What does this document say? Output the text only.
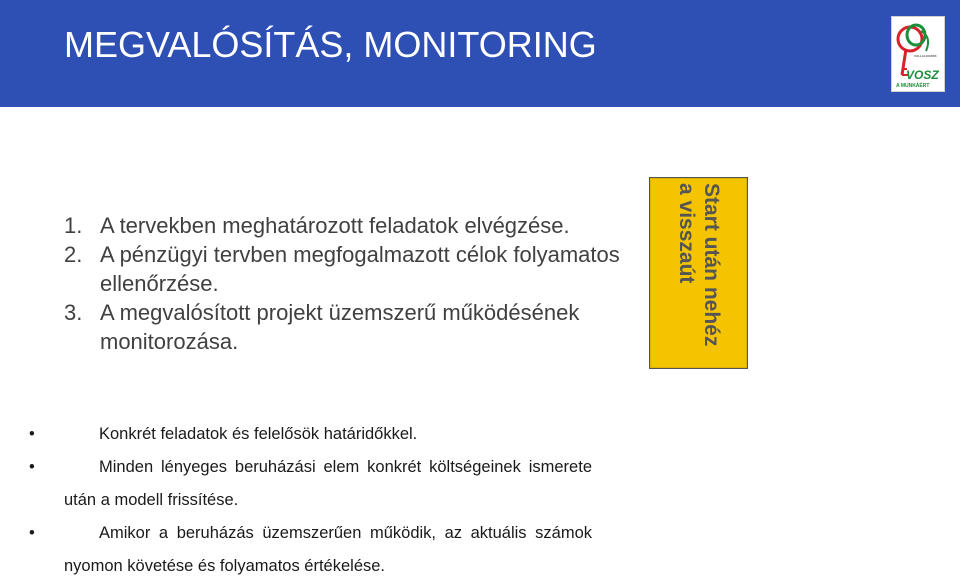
MEGVALÓSÍTÁS, MONITORING	VÁLLALKOZÓK
VOSZ
A MUNKÁÉRT
1. A tervekben meghatározott feladatok elvégzése.
2. A pénzügyi tervben megfogalmazott célok folyamatos ellenőrzése.
3. A megvalósított projekt üzemszerű működésének monitorozása.	Start után nehéz a visszaút
• Konkrét feladatok és felelősök határidőkkel.
• Minden lényeges beruházási elem konkrét költségeinek ismerete után a modell frissítése.
• Amikor a beruházás üzemszerűen működik, az aktuális számok nyomon követése és folyamatos értékelése.
